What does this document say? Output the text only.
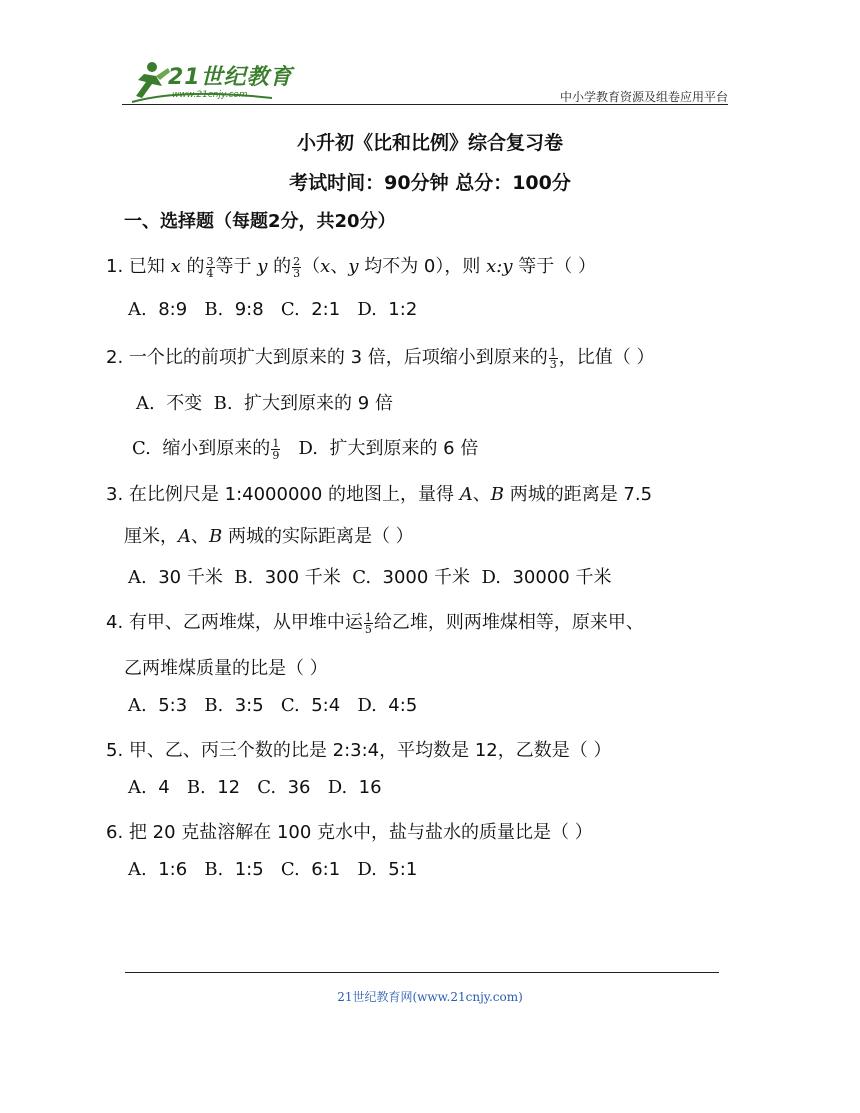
21世纪教育
www.21cnjy.com	中小学教育资源及组卷应用平台
小升初《比和比例》综合复习卷
考试时间：90分钟 总分：100分
一、选择题（每题2分，共20分）
1. 已知 x 的 $\frac{3}{4}$ 等于 y 的 $\frac{2}{3} (x$、y 均不为 0），则 x:y 等于（ ）
A. 8:9 B. 9:8 C. 2:1 D. 1:2
2. 一个比的前项扩大到原来的 3 倍，后项缩小到原来的 $\frac{1}{3}$ ，比值（ ）
A. 不变 B. 扩大到原来的 9 倍
C. 缩小到原来的 $\frac{1}{9} D$. 扩大到原来的 6 倍
3. 在比例尺是 1:4000000 的地图上，量得 A、B 两城的距离是 7.5
厘米，A、B 两城的实际距离是（ ）
A. 30 千米 B. 300 千米 C. 3000 千米 D. 30000 千米
4. 有甲、乙两堆煤，从甲堆中运 $\frac{1}{5}$ 给乙堆，则两堆煤相等，原来甲、
乙两堆煤质量的比是（ ）
A. 5:3 B. 3:5 C. 5:4 D. 4:5
5. 甲、乙、丙三个数的比是 2:3:4，平均数是 12，乙数是（ ）
A. 4 B. 12 C. 36 D. 16
6. 把 20 克盐溶解在 100 克水中，盐与盐水的质量比是（ ）
A. 1:6 B. 1:5 C. 6:1 D. 5:1
21世纪教育网(www.21cnjy.com)
